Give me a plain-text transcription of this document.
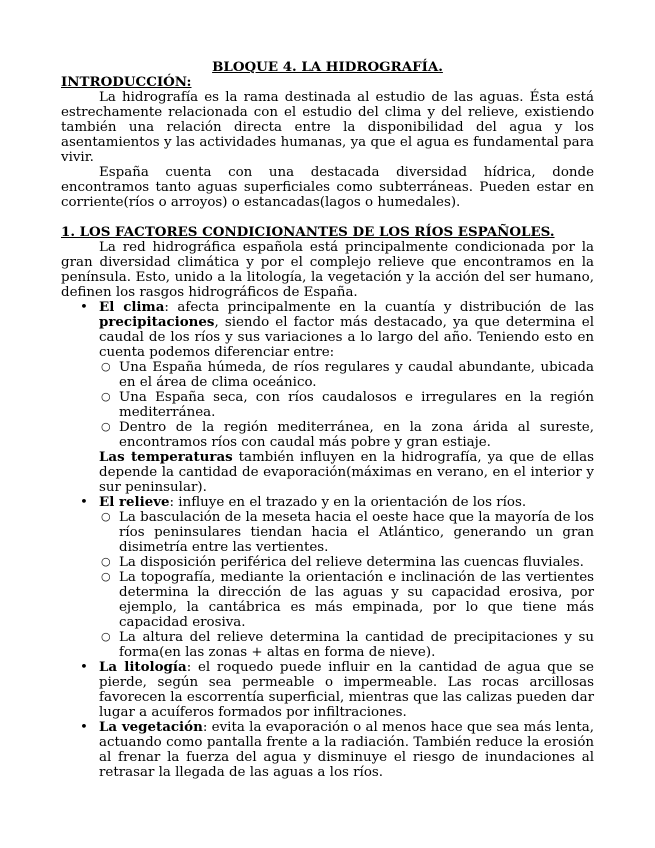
BLOQUE 4. LA HIDROGRAFÍA.

INTRODUCCIÓN:

La hidrografía es la rama destinada al estudio de las aguas. Ésta está estrechamente relacionada con el estudio del clima y del relieve, existiendo también una relación directa entre la disponibilidad del agua y los asentamientos y las actividades humanas, ya que el agua es fundamental para vivir.

España cuenta con una destacada diversidad hídrica, donde encontramos tanto aguas superficiales como subterráneas. Pueden estar en corriente(ríos o arroyos) o estancadas(lagos o humedales).

1. LOS FACTORES CONDICIONANTES DE LOS RÍOS ESPAÑOLES.

La red hidrográfica española está principalmente condicionada por la gran diversidad climática y por el complejo relieve que encontramos en la península. Esto, unido a la litología, la vegetación y la acción del ser humano, definen los rasgos hidrográficos de España.

• El clima: afecta principalmente en la cuantía y distribución de las precipitaciones, siendo el factor más destacado, ya que determina el caudal de los ríos y sus variaciones a lo largo del año. Teniendo esto en cuenta podemos diferenciar entre:
○ Una España húmeda, de ríos regulares y caudal abundante, ubicada en el área de clima oceánico.
○ Una España seca, con ríos caudalosos e irregulares en la región mediterránea.
○ Dentro de la región mediterránea, en la zona árida al sureste, encontramos ríos con caudal más pobre y gran estiaje.

Las temperaturas también influyen en la hidrografía, ya que de ellas depende la cantidad de evaporación(máximas en verano, en el interior y sur peninsular).

• El relieve: influye en el trazado y en la orientación de los ríos.
○ La basculación de la meseta hacia el oeste hace que la mayoría de los ríos peninsulares tiendan hacia el Atlántico, generando un gran disimetría entre las vertientes.
○ La disposición periférica del relieve determina las cuencas fluviales.
○ La topografía, mediante la orientación e inclinación de las vertientes determina la dirección de las aguas y su capacidad erosiva, por ejemplo, la cantábrica es más empinada, por lo que tiene más capacidad erosiva.
○ La altura del relieve determina la cantidad de precipitaciones y su forma(en las zonas + altas en forma de nieve).
• La litología: el roquedo puede influir en la cantidad de agua que se pierde, según sea permeable o impermeable. Las rocas arcillosas favorecen la escorrentía superficial, mientras que las calizas pueden dar lugar a acuíferos formados por infiltraciones.
• La vegetación: evita la evaporación o al menos hace que sea más lenta, actuando como pantalla frente a la radiación. También reduce la erosión al frenar la fuerza del agua y disminuye el riesgo de inundaciones al retrasar la llegada de las aguas a los ríos.
